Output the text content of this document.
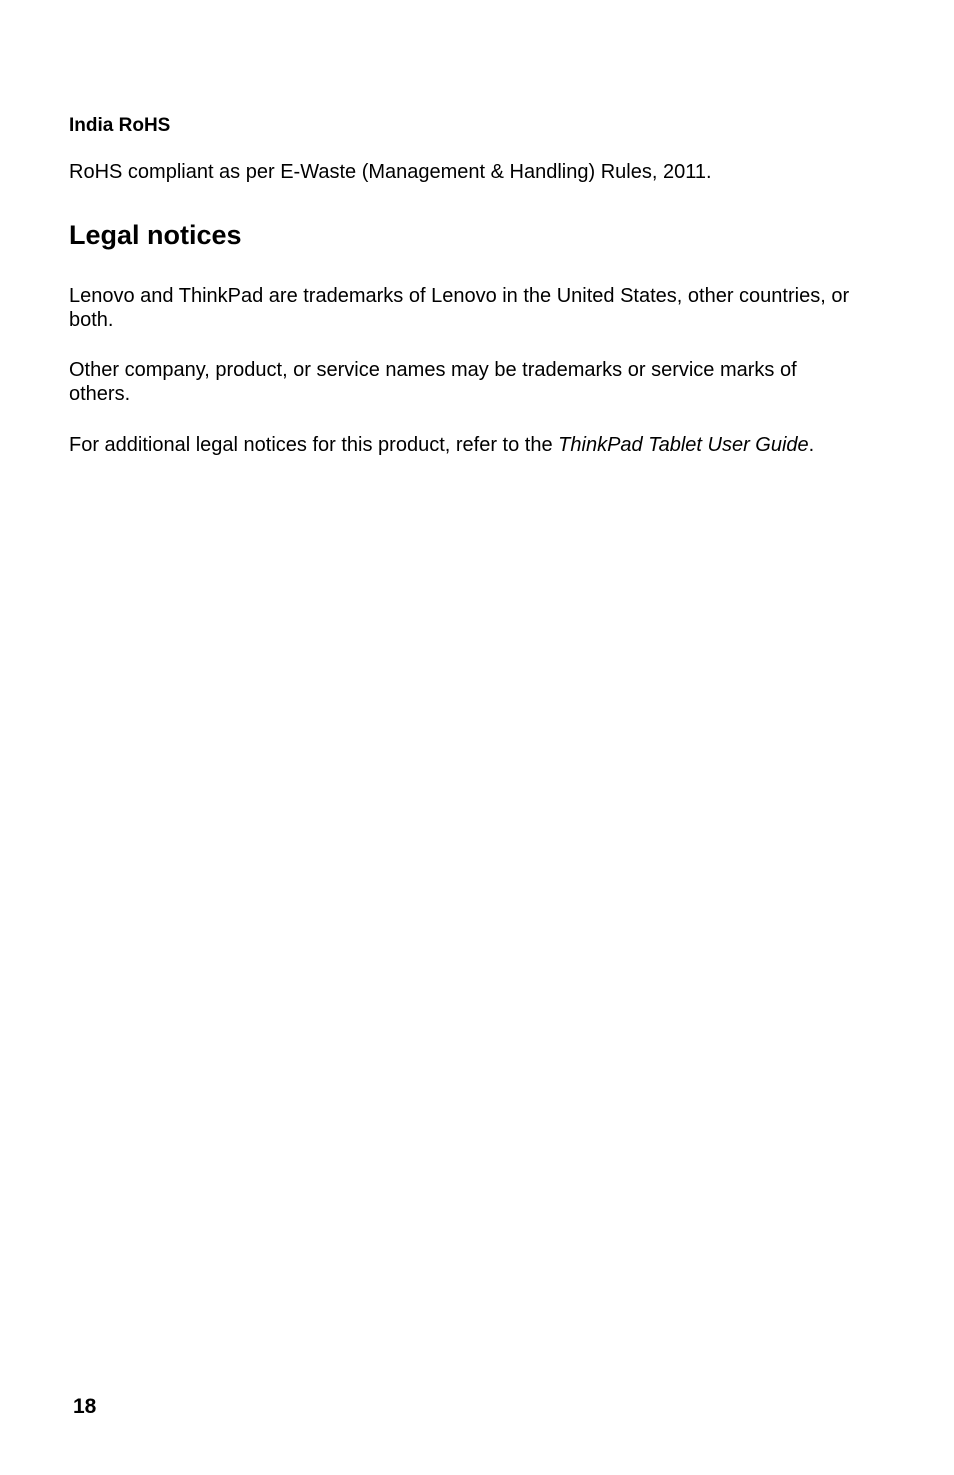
India RoHS

RoHS compliant as per E-Waste (Management & Handling) Rules, 2011.

Legal notices

Lenovo and ThinkPad are trademarks of Lenovo in the United States, other countries, or both.

Other company, product, or service names may be trademarks or service marks of others.

For additional legal notices for this product, refer to the ThinkPad Tablet User Guide.

18
